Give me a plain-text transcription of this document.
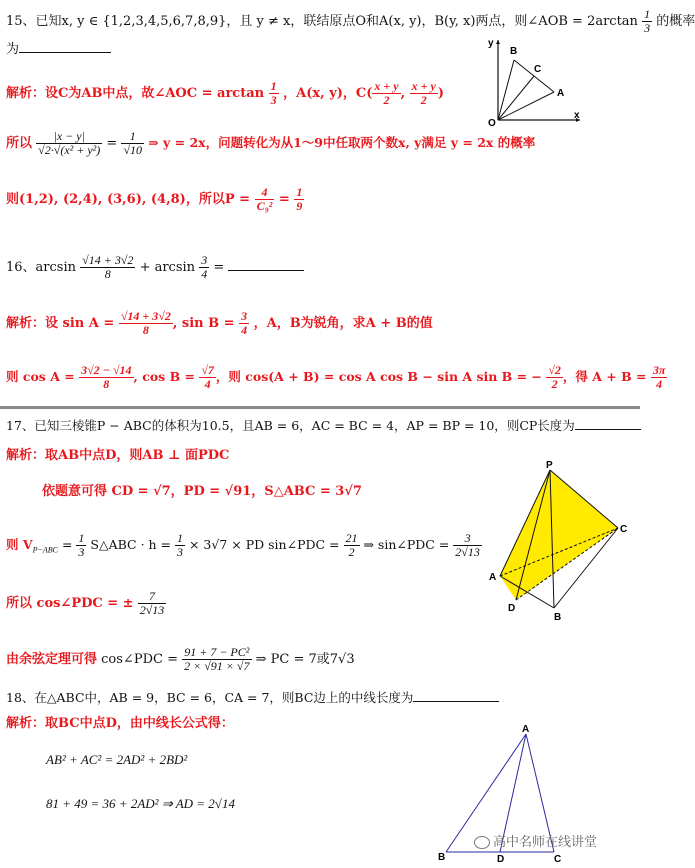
15、已知x, y ∈ {1,2,3,4,5,6,7,8,9}，且 y ≠ x，联结原点O和A(x, y)，B(y, x)两点，则∠AOB = $2\arctan \frac{1}{3}$ 的概率
为	B
C
A
O
x
y
解析：设C为AB中点，故∠AOC = $\arctan \frac{1}{3}$ ，A(x, y)，$C( \frac{x + y}{2}$ , $\frac{x + y}{2}$ )
所以 $\frac{|x - y|}{\text{√2·√(x² + y²)}} = \frac{1}{√10}$ ⇒ y = 2x，问题转化为从1～9中任取两个数x, y满足 y = 2x 的概率
则(1,2), (2,4), (3,6), (4,8)，所以$P = \frac{4}{\text{C₉²}} = \frac{1}{9}$
16、$\arcsin \frac{√14 + 3√2}{8} + \arcsin \frac{3}{4}$ =
解析：设 $\sin A = \frac{√14 + 3√2}{8}$ , $\sin B = \frac{3}{4}$ ，A，B为锐角，求A + B的值
则 $\cos A = \frac{3√2 - √14}{8}$ , $\cos B = \frac{√7}{4}$ ，则 cos(A + B) = cos A cos B − sin A sin B = − $\frac{√2}{2}$ ，得 $A + B = \frac{3\pi}{4}$
17、已知三棱锥P − ABC的体积为10.5，且AB = 6，AC = BC = 4，AP = BP = 10，则CP长度为
解析：取AB中点D，则AB ⊥ 面PDC
依题意可得 CD = √7，PD = √91，S△ABC = 3√7
则 $V_{P-ABC} = \frac{1}{3}$ S△ABC · $h = \frac{1}{3} \times 3√7$ × PD sin∠PDC = $\frac{21}{2}$ ⇒ sin∠PDC = $\frac{3}{2√13}$
所以 cos∠PDC = ± $\frac{7}{2√13}$
由余弦定理可得 cos∠PDC = $\frac{\text{91 + 7 − PC²}}{2 \times √91 \times √7}$ ⇒ PC = 7或7√3
P
C
A
D
B
18、在△ABC中，AB = 9，BC = 6，CA = 7，则BC边上的中线长度为
解析：取BC中点D，由中线长公式得：
AB² + AC² = 2AD² + 2BD²
81 + 49 = 36 + 2AD² ⇒ AD = 2√14
A
B	D	C
高中名师在线讲堂
